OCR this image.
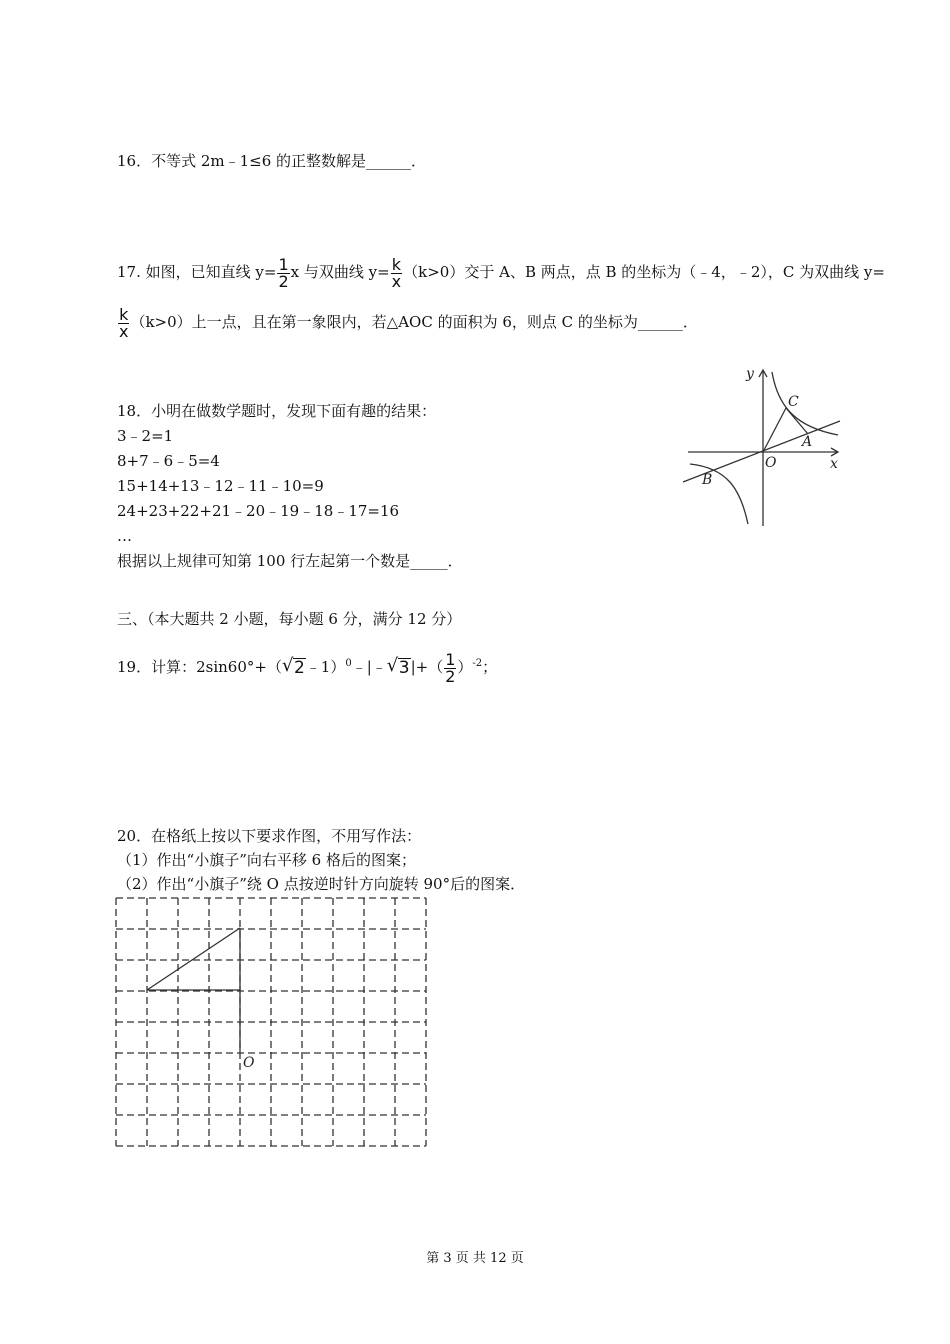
16．不等式 2m﹣1≤6 的正整数解是______．
17. 如图，已知直线 $y= \frac{1}{2}$ x 与双曲线 $y= \frac{k}{x} (k>0)$交于 A、B 两点，点 B 的坐标为（﹣4，﹣2），C 为双曲线 y=
$\frac{k}{x} (k>0)$上一点，且在第一象限内，若△AOC 的面积为 6，则点 C 的坐标为______．
y
x
O
A
B
C
18．小明在做数学题时，发现下面有趣的结果：
3﹣2=1
8+7﹣6﹣5=4
15+14+13﹣12﹣11﹣10=9
24+23+22+21﹣20﹣19﹣18﹣17=16
…
根据以上规律可知第 100 行左起第一个数是_____．
三、（本大题共 2 小题，每小题 6 分，满分 12 分）
19．计算：2sin60°+（ √ 2﹣1）$^0$﹣|﹣ √ $3|+( \frac{1}{2} )^{-2}$；
20．在格纸上按以下要求作图，不用写作法：
（1）作出“小旗子”向右平移 6 格后的图案；
（2）作出“小旗子”绕 O 点按逆时针方向旋转 90°后的图案．
O
第 3 页 共 12 页
